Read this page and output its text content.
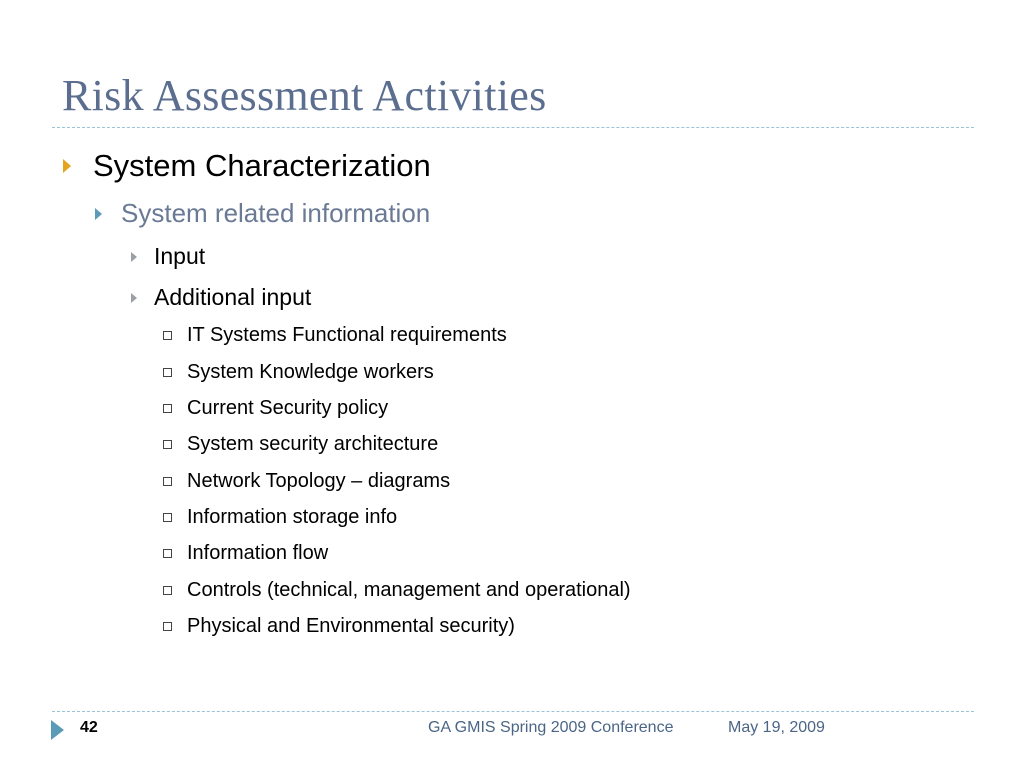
Risk Assessment Activities
System Characterization
System related information
Input
Additional input
IT Systems Functional requirements
System Knowledge workers
Current Security policy
System security architecture
Network Topology – diagrams
Information storage info
Information flow
Controls (technical, management and operational)
Physical and Environmental security)
42	GA GMIS Spring 2009 Conference	May 19, 2009
